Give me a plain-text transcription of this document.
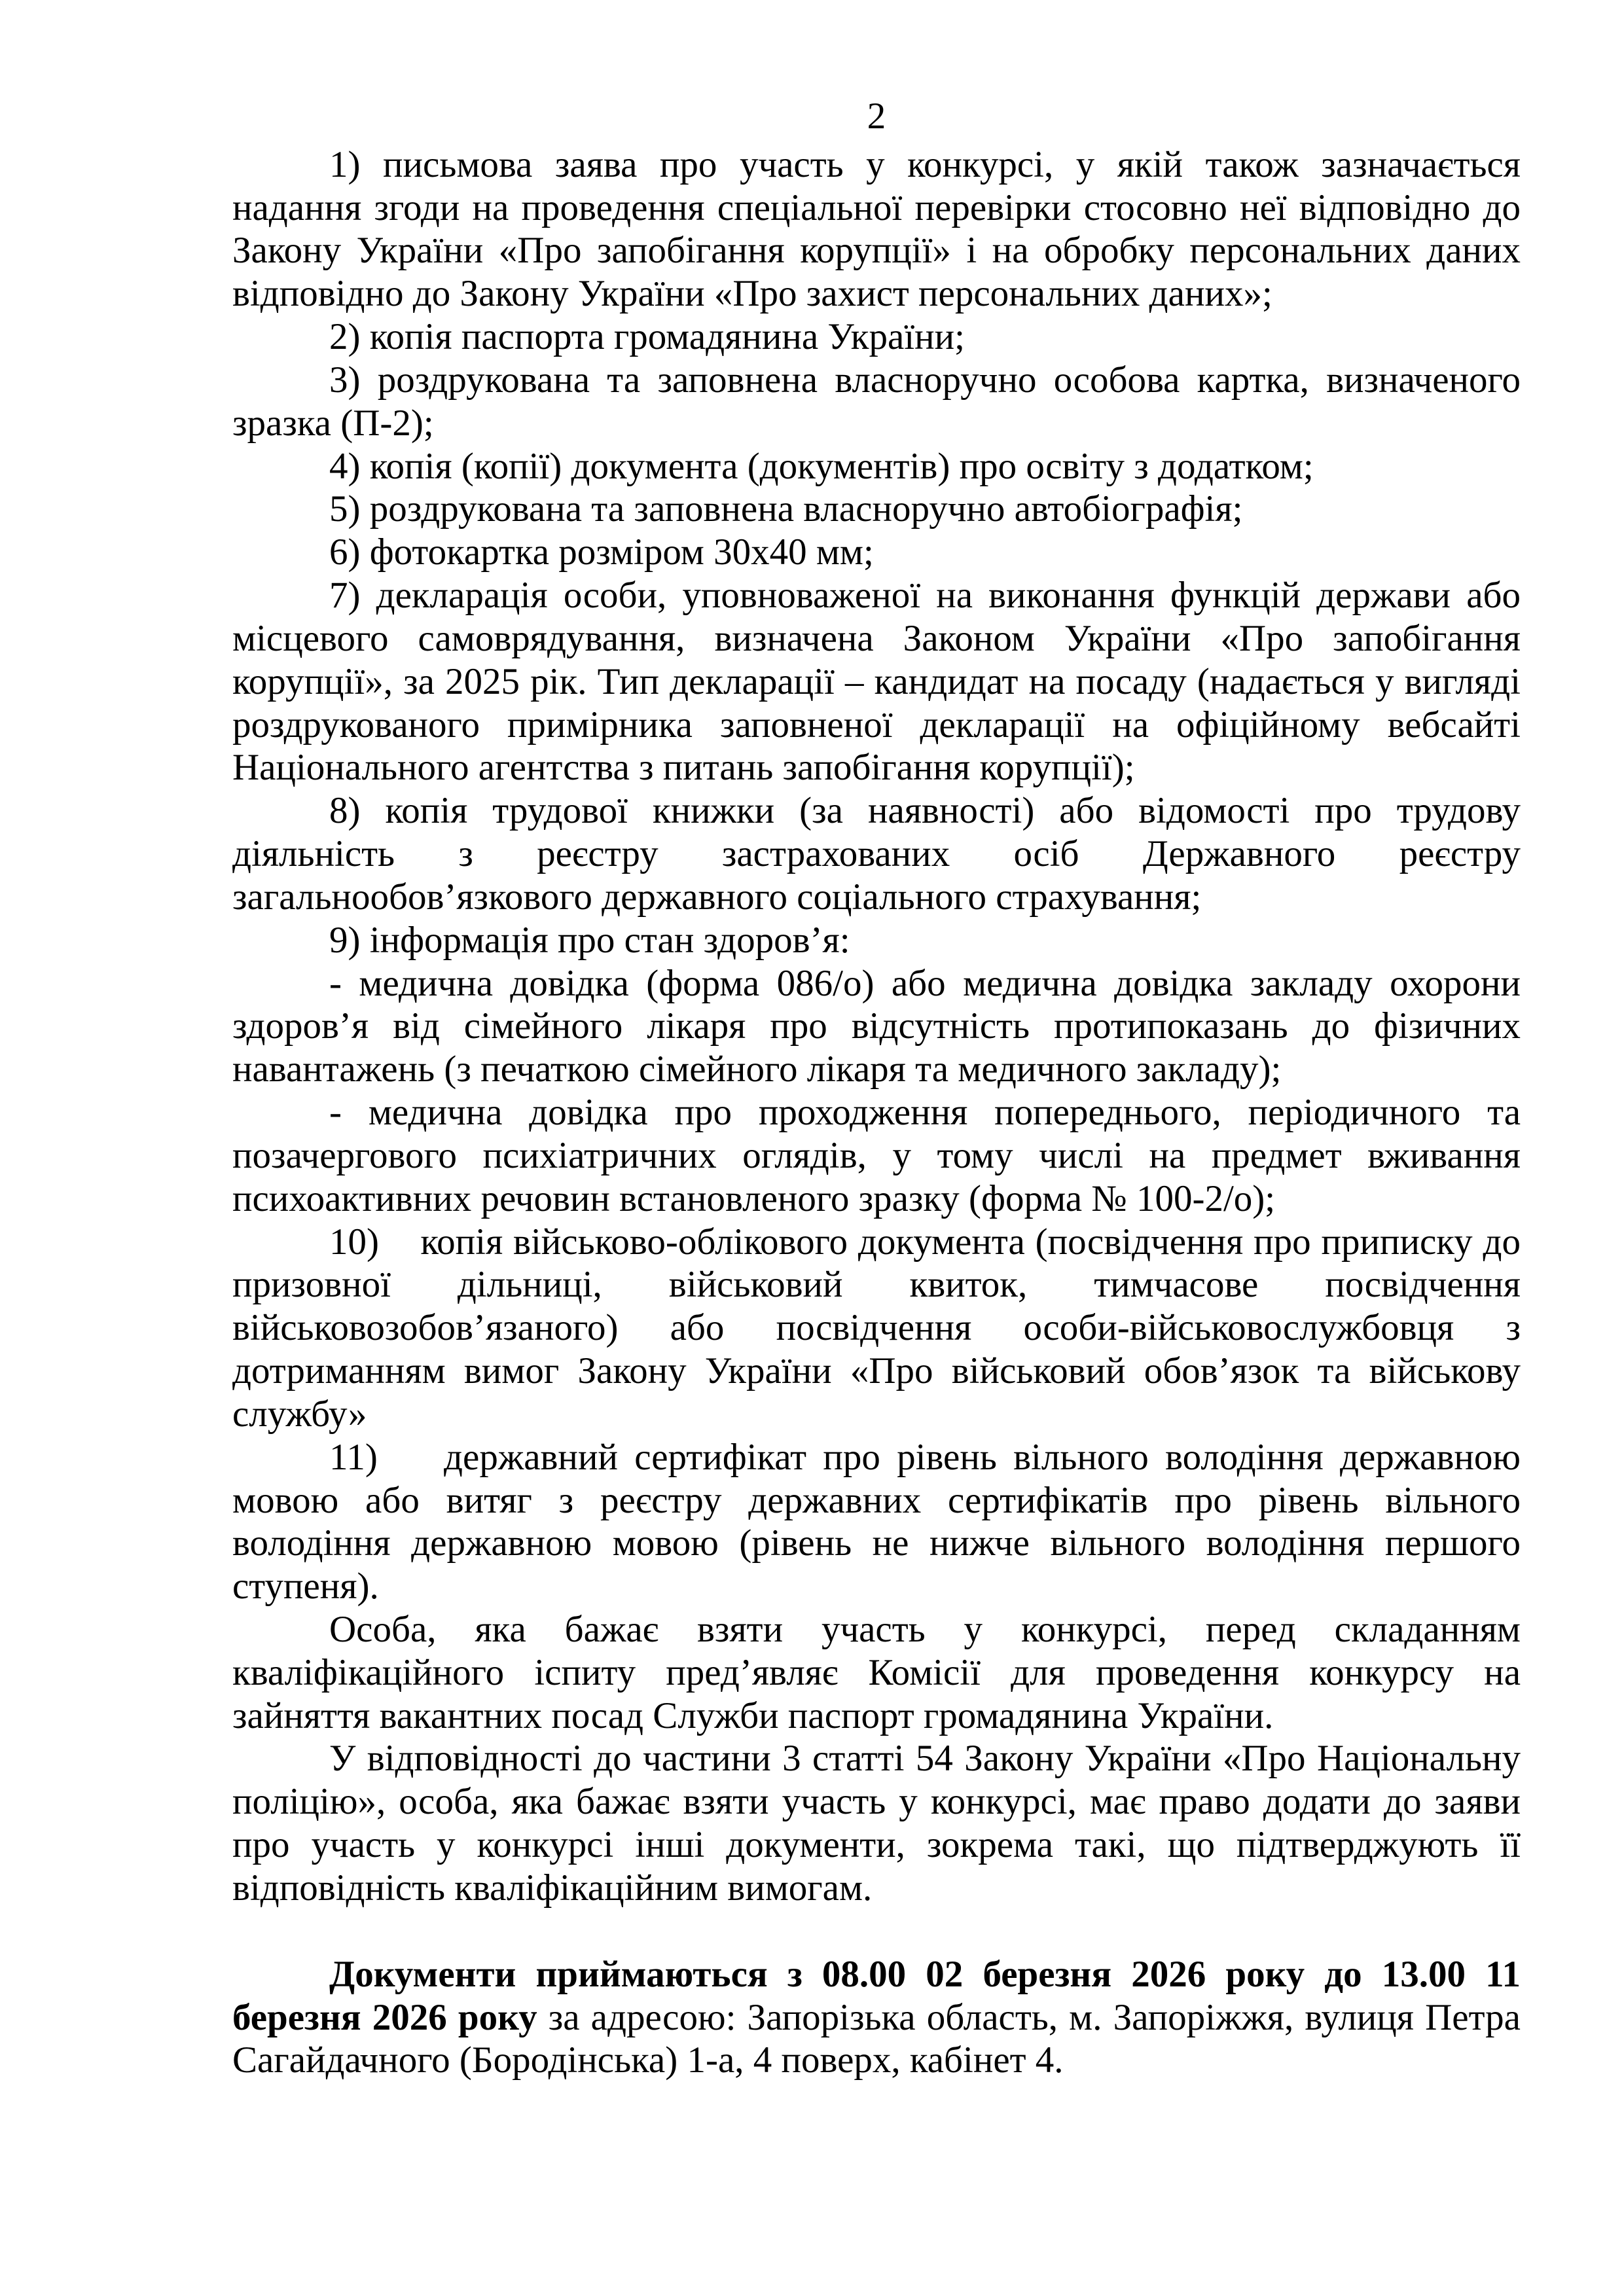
2

1) письмова заява про участь у конкурсі, у якій також зазначається надання згоди на проведення спеціальної перевірки стосовно неї відповідно до Закону України «Про запобігання корупції» і на обробку персональних даних відповідно до Закону України «Про захист персональних даних»;

2) копія паспорта громадянина України;

3) роздрукована та заповнена власноручно особова картка, визначеного зразка (П-2);

4) копія (копії) документа (документів) про освіту з додатком;

5) роздрукована та заповнена власноручно автобіографія;

6) фотокартка розміром 30х40 мм;

7) декларація особи, уповноваженої на виконання функцій держави або місцевого самоврядування, визначена Законом України «Про запобігання корупції», за 2025 рік. Тип декларації – кандидат на посаду (надається у вигляді роздрукованого примірника заповненої декларації на офіційному вебсайті Національного агентства з питань запобігання корупції);

8) копія трудової книжки (за наявності) або відомості про трудову діяльність з реєстру застрахованих осіб Державного реєстру загальнообов’язкового державного соціального страхування;

9) інформація про стан здоров’я:

- медична довідка (форма 086/о) або медична довідка закладу охорони здоров’я від сімейного лікаря про відсутність протипоказань до фізичних навантажень (з печаткою сімейного лікаря та медичного закладу);

- медична довідка про проходження попереднього, періодичного та позачергового психіатричних оглядів, у тому числі на предмет вживання психоактивних речовин встановленого зразку (форма № 100-2/о);

10)    копія військово-облікового документа (посвідчення про приписку до призовної дільниці, військовий квиток, тимчасове посвідчення військовозобов’язаного) або посвідчення особи-військовослужбовця з дотриманням вимог Закону України «Про військовий обов’язок та військову службу»

11)    державний сертифікат про рівень вільного володіння державною мовою або витяг з реєстру державних сертифікатів про рівень вільного володіння державною мовою (рівень не нижче вільного володіння першого ступеня).

Особа, яка бажає взяти участь у конкурсі, перед складанням кваліфікаційного іспиту пред’являє Комісії для проведення конкурсу на зайняття вакантних посад Служби паспорт громадянина України.

У відповідності до частини 3 статті 54 Закону України «Про Національну поліцію», особа, яка бажає взяти участь у конкурсі, має право додати до заяви про участь у конкурсі інші документи, зокрема такі, що підтверджують її відповідність кваліфікаційним вимогам.

Документи приймаються з 08.00 02 березня 2026 року до 13.00 11 березня 2026 року за адресою: Запорізька область, м. Запоріжжя, вулиця Петра Сагайдачного (Бородінська) 1-а, 4 поверх, кабінет 4.
